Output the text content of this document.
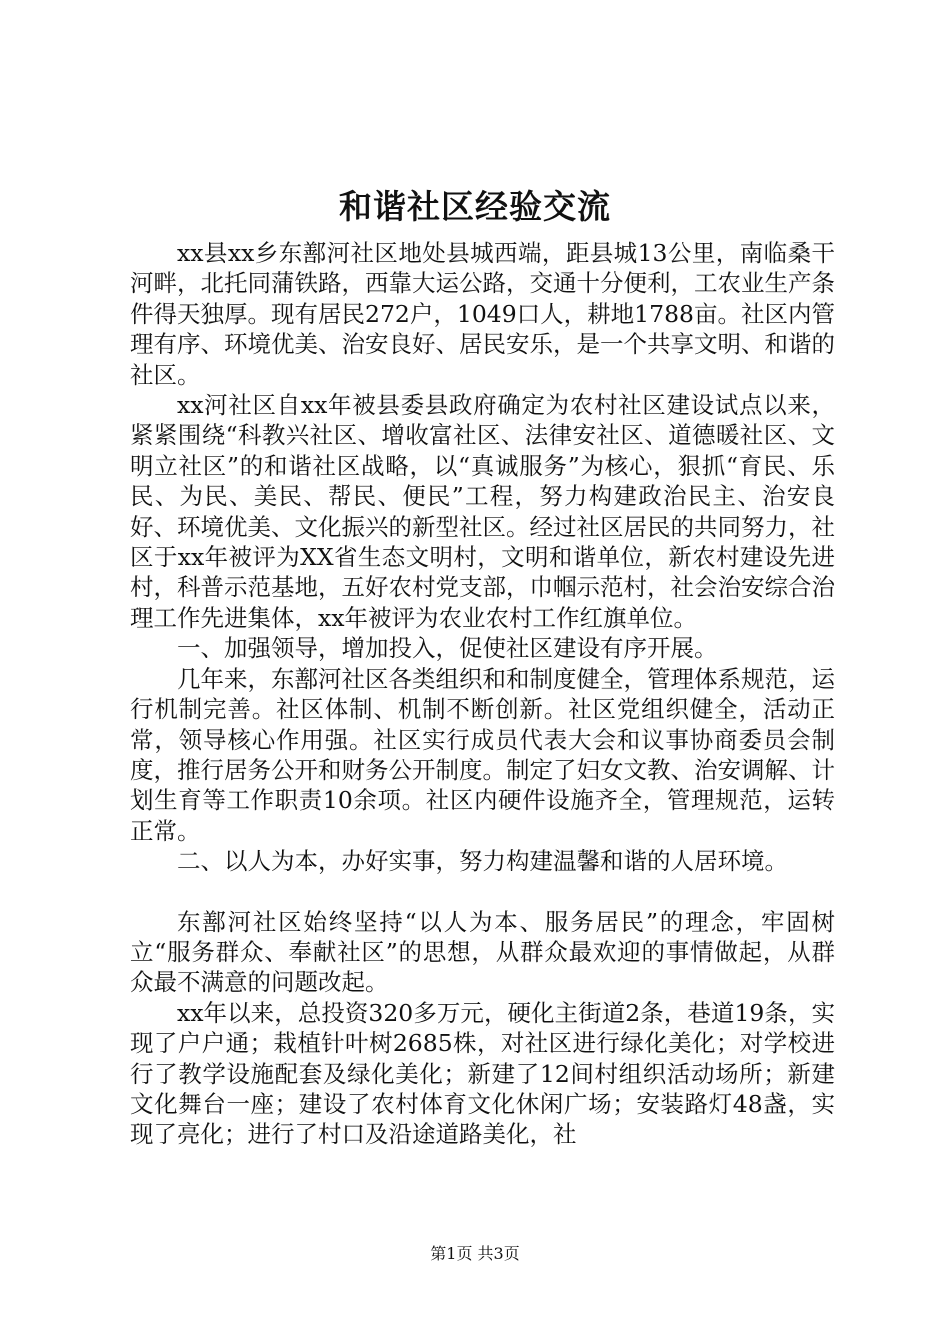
和谐社区经验交流

xx县xx乡东鄯河社区地处县城西端，距县城13公里，南临桑干河畔，北托同蒲铁路，西靠大运公路，交通十分便利，工农业生产条件得天独厚。现有居民272户，1049口人，耕地1788亩。社区内管理有序、环境优美、治安良好、居民安乐，是一个共享文明、和谐的社区。

xx河社区自xx年被县委县政府确定为农村社区建设试点以来，紧紧围绕“科教兴社区、增收富社区、法律安社区、道德暖社区、文明立社区”的和谐社区战略，以“真诚服务”为核心，狠抓“育民、乐民、为民、美民、帮民、便民”工程，努力构建政治民主、治安良好、环境优美、文化振兴的新型社区。经过社区居民的共同努力，社区于xx年被评为XX省生态文明村，文明和谐单位，新农村建设先进村，科普示范基地，五好农村党支部，巾帼示范村，社会治安综合治理工作先进集体，xx年被评为农业农村工作红旗单位。

一、加强领导，增加投入，促使社区建设有序开展。

几年来，东鄯河社区各类组织和和制度健全，管理体系规范，运行机制完善。社区体制、机制不断创新。社区党组织健全，活动正常，领导核心作用强。社区实行成员代表大会和议事协商委员会制度，推行居务公开和财务公开制度。制定了妇女文教、治安调解、计划生育等工作职责10余项。社区内硬件设施齐全，管理规范，运转正常。

二、以人为本，办好实事，努力构建温馨和谐的人居环境。

东鄯河社区始终坚持“以人为本、服务居民”的理念，牢固树立“服务群众、奉献社区”的思想，从群众最欢迎的事情做起，从群众最不满意的问题改起。

xx年以来，总投资320多万元，硬化主街道2条，巷道19条，实现了户户通；栽植针叶树2685株，对社区进行绿化美化；对学校进行了教学设施配套及绿化美化；新建了12间村组织活动场所；新建文化舞台一座；建设了农村体育文化休闲广场；安装路灯48盏，实现了亮化；进行了村口及沿途道路美化，社

第1页 共3页
